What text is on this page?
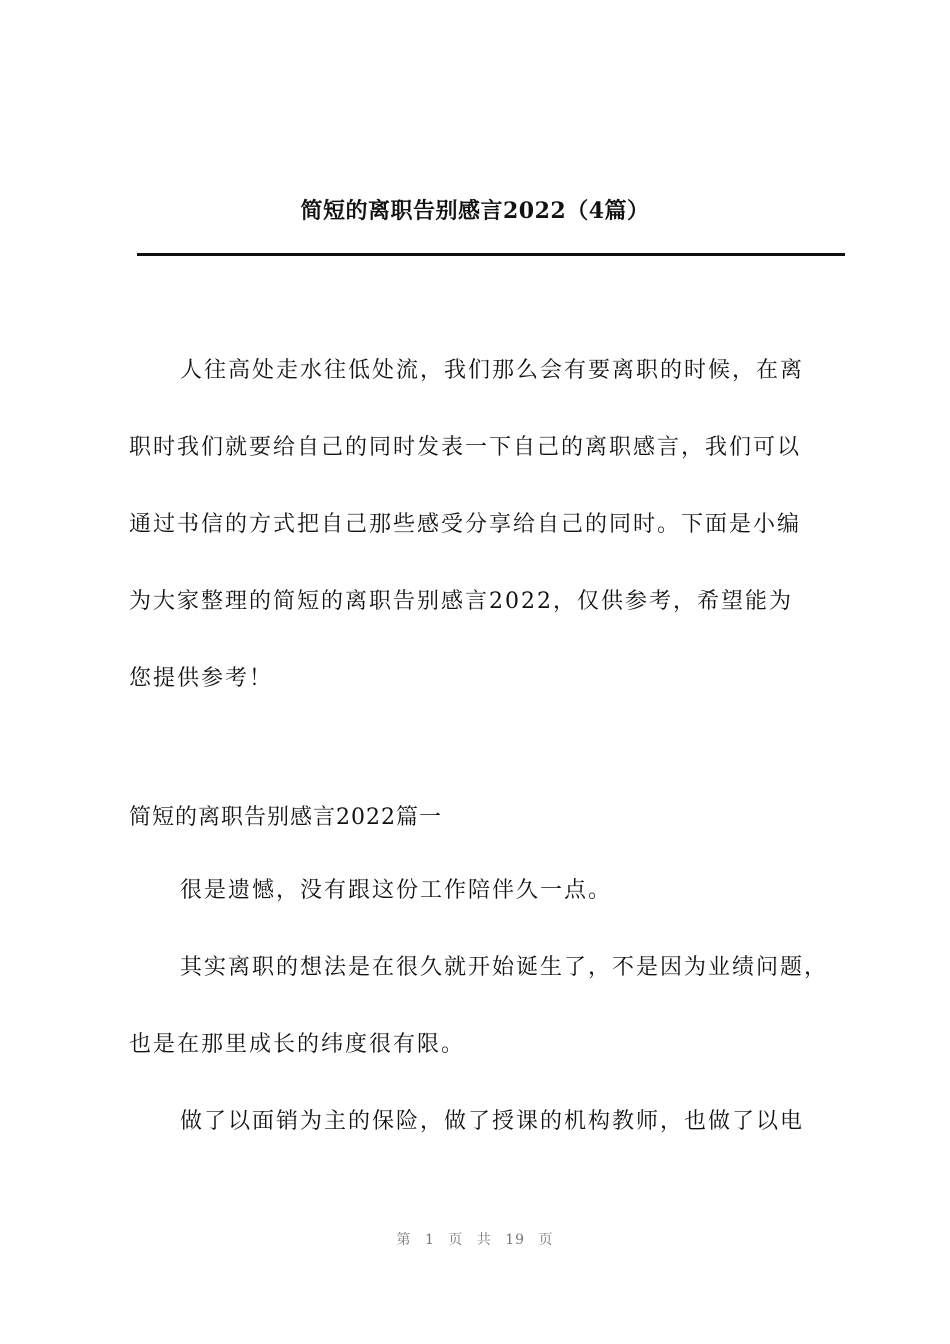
简短的离职告别感言2022（4篇）
人往高处走水往低处流，我们那么会有要离职的时候，在离
职时我们就要给自己的同时发表一下自己的离职感言，我们可以
通过书信的方式把自己那些感受分享给自己的同时。下面是小编
为大家整理的简短的离职告别感言2022，仅供参考，希望能为
您提供参考！
简短的离职告别感言2022篇一
很是遗憾，没有跟这份工作陪伴久一点。
其实离职的想法是在很久就开始诞生了，不是因为业绩问题，
也是在那里成长的纬度很有限。
做了以面销为主的保险，做了授课的机构教师，也做了以电
第 1 页 共 19 页
